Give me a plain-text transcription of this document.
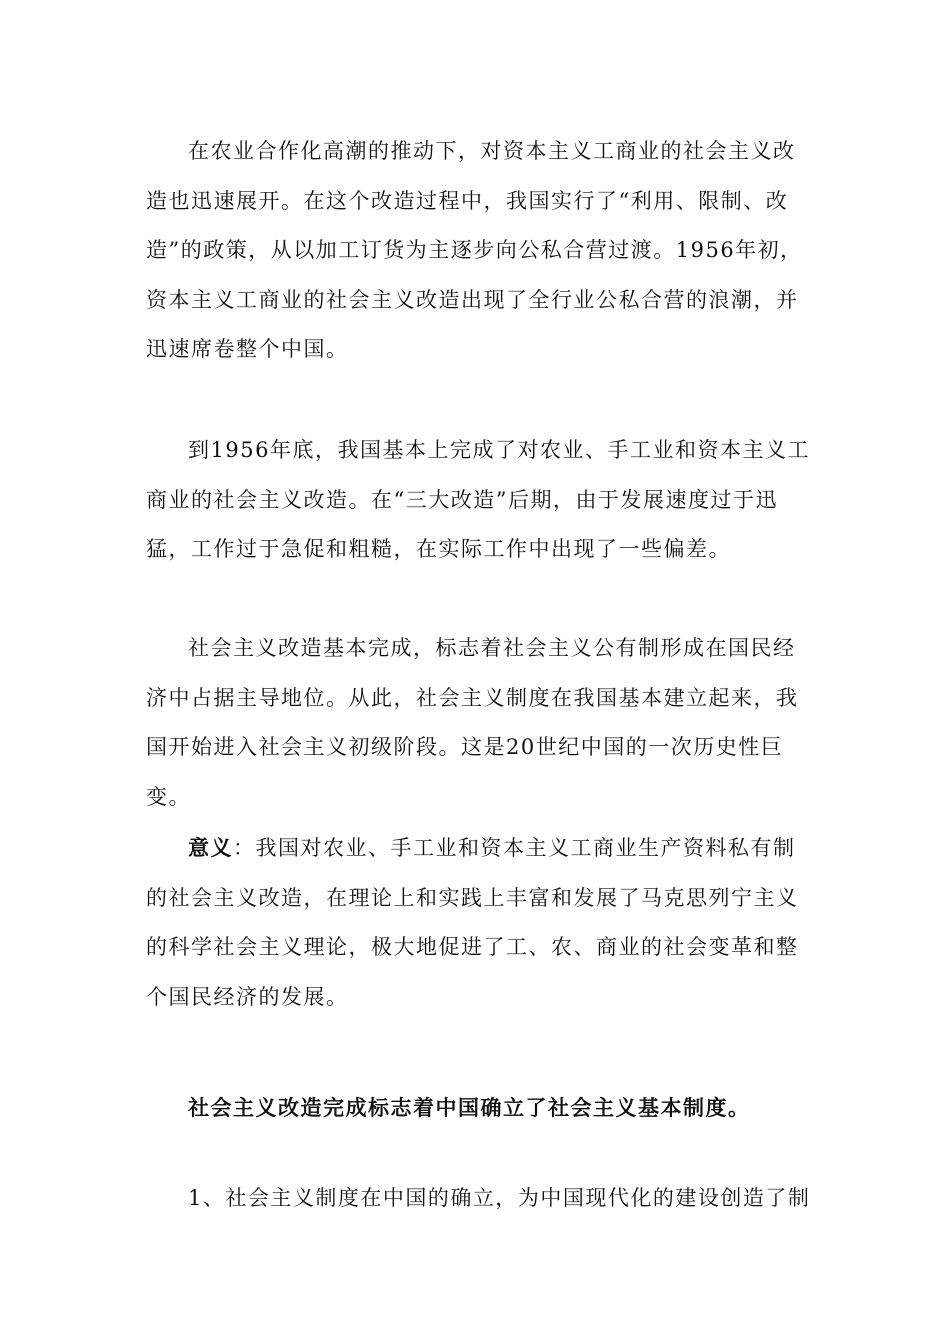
在农业合作化高潮的推动下，对资本主义工商业的社会主义改造也迅速展开。在这个改造过程中，我国实行了“利用、限制、改造”的政策，从以加工订货为主逐步向公私合营过渡。1956年初，资本主义工商业的社会主义改造出现了全行业公私合营的浪潮，并迅速席卷整个中国。

到1956年底，我国基本上完成了对农业、手工业和资本主义工商业的社会主义改造。在“三大改造”后期，由于发展速度过于迅猛，工作过于急促和粗糙，在实际工作中出现了一些偏差。

社会主义改造基本完成，标志着社会主义公有制形成在国民经济中占据主导地位。从此，社会主义制度在我国基本建立起来，我国开始进入社会主义初级阶段。这是20世纪中国的一次历史性巨变。

意义：我国对农业、手工业和资本主义工商业生产资料私有制的社会主义改造，在理论上和实践上丰富和发展了马克思列宁主义的科学社会主义理论，极大地促进了工、农、商业的社会变革和整个国民经济的发展。

社会主义改造完成标志着中国确立了社会主义基本制度。

1、社会主义制度在中国的确立，为中国现代化的建设创造了制
